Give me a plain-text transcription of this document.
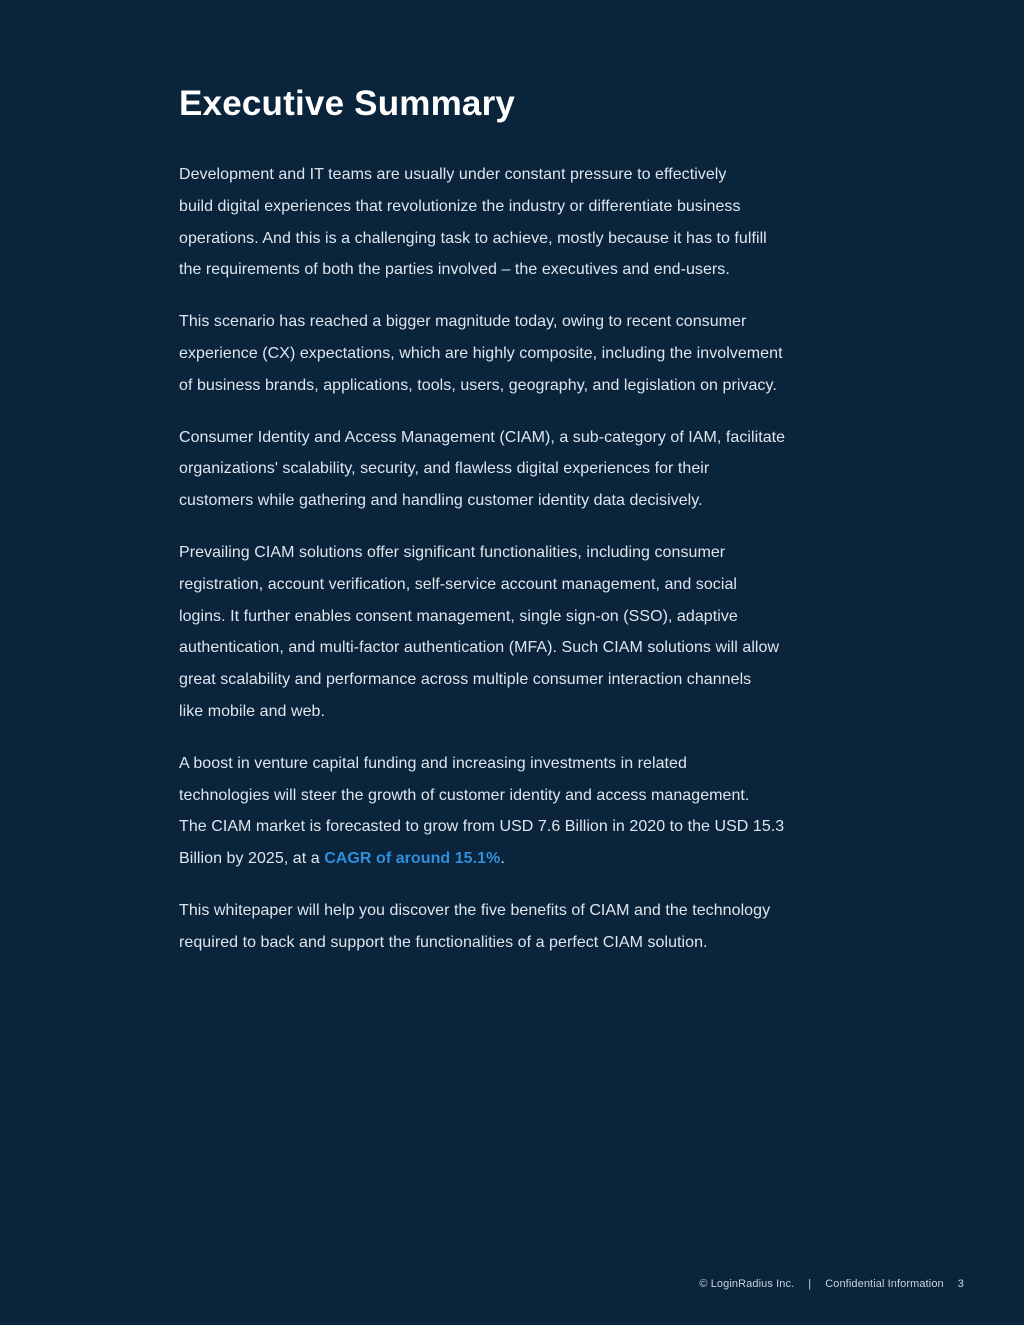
Executive Summary

Development and IT teams are usually under constant pressure to effectively
build digital experiences that revolutionize the industry or differentiate business
operations. And this is a challenging task to achieve, mostly because it has to fulfill
the requirements of both the parties involved – the executives and end-users.

This scenario has reached a bigger magnitude today, owing to recent consumer
experience (CX) expectations, which are highly composite, including the involvement
of business brands, applications, tools, users, geography, and legislation on privacy.

Consumer Identity and Access Management (CIAM), a sub-category of IAM, facilitate
organizations' scalability, security, and flawless digital experiences for their
customers while gathering and handling customer identity data decisively.

Prevailing CIAM solutions offer significant functionalities, including consumer
registration, account verification, self-service account management, and social
logins. It further enables consent management, single sign-on (SSO), adaptive
authentication, and multi-factor authentication (MFA). Such CIAM solutions will allow
great scalability and performance across multiple consumer interaction channels
like mobile and web.

A boost in venture capital funding and increasing investments in related
technologies will steer the growth of customer identity and access management.
The CIAM market is forecasted to grow from USD 7.6 Billion in 2020 to the USD 15.3
Billion by 2025, at a CAGR of around 15.1%.

This whitepaper will help you discover the five benefits of CIAM and the technology
required to back and support the functionalities of a perfect CIAM solution.

© LoginRadius Inc. | Confidential Information 3
